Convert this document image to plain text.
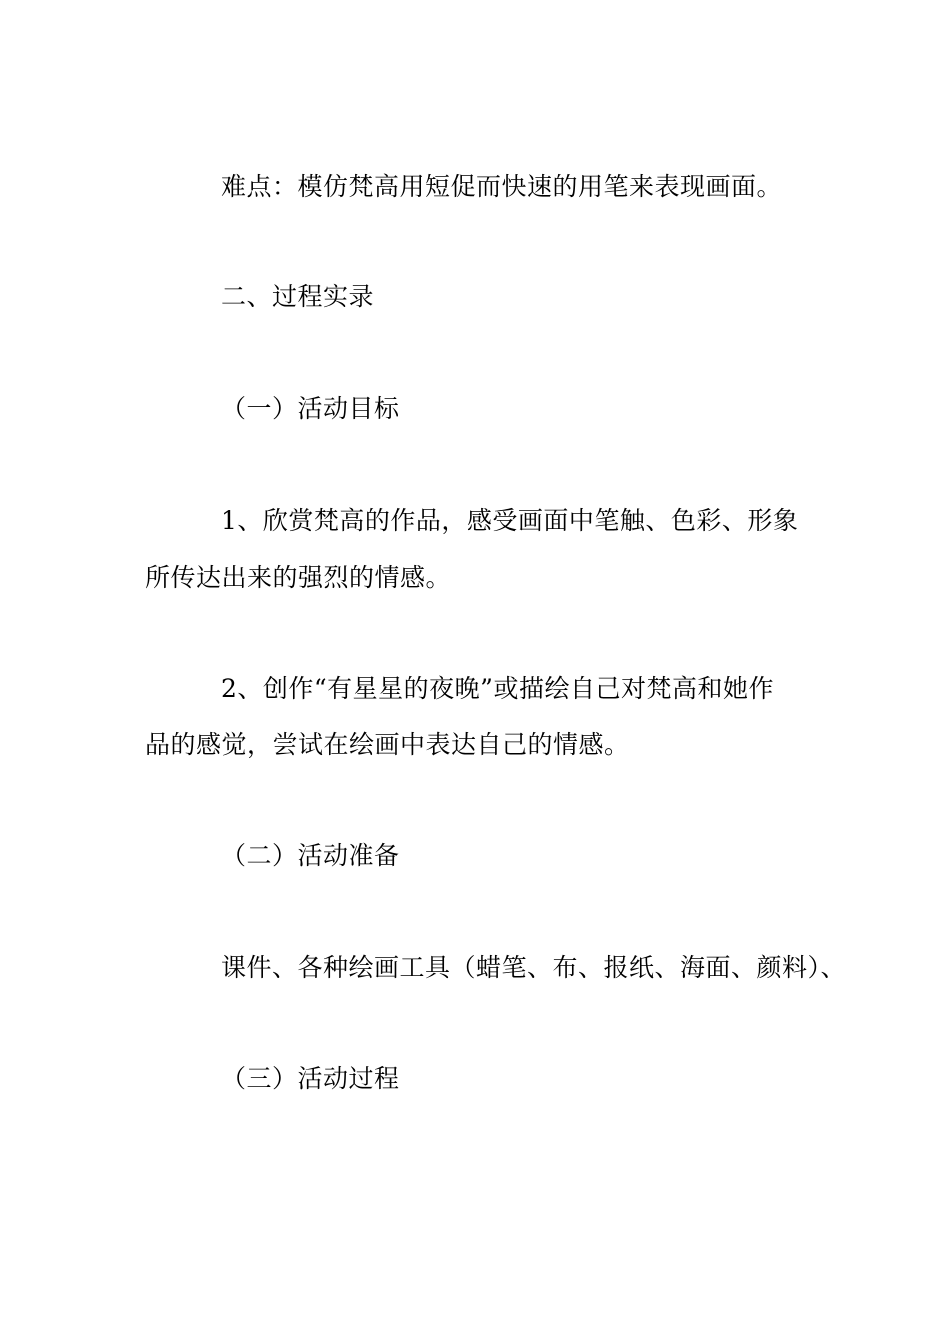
难点：模仿梵高用短促而快速的用笔来表现画面。
二、过程实录
（一）活动目标
1、欣赏梵高的作品，感受画面中笔触、色彩、形象
所传达出来的强烈的情感。
2、创作“有星星的夜晚”或描绘自己对梵高和她作
品的感觉，尝试在绘画中表达自己的情感。
（二）活动准备
课件、各种绘画工具（蜡笔、布、报纸、海面、颜料）、
（三）活动过程
